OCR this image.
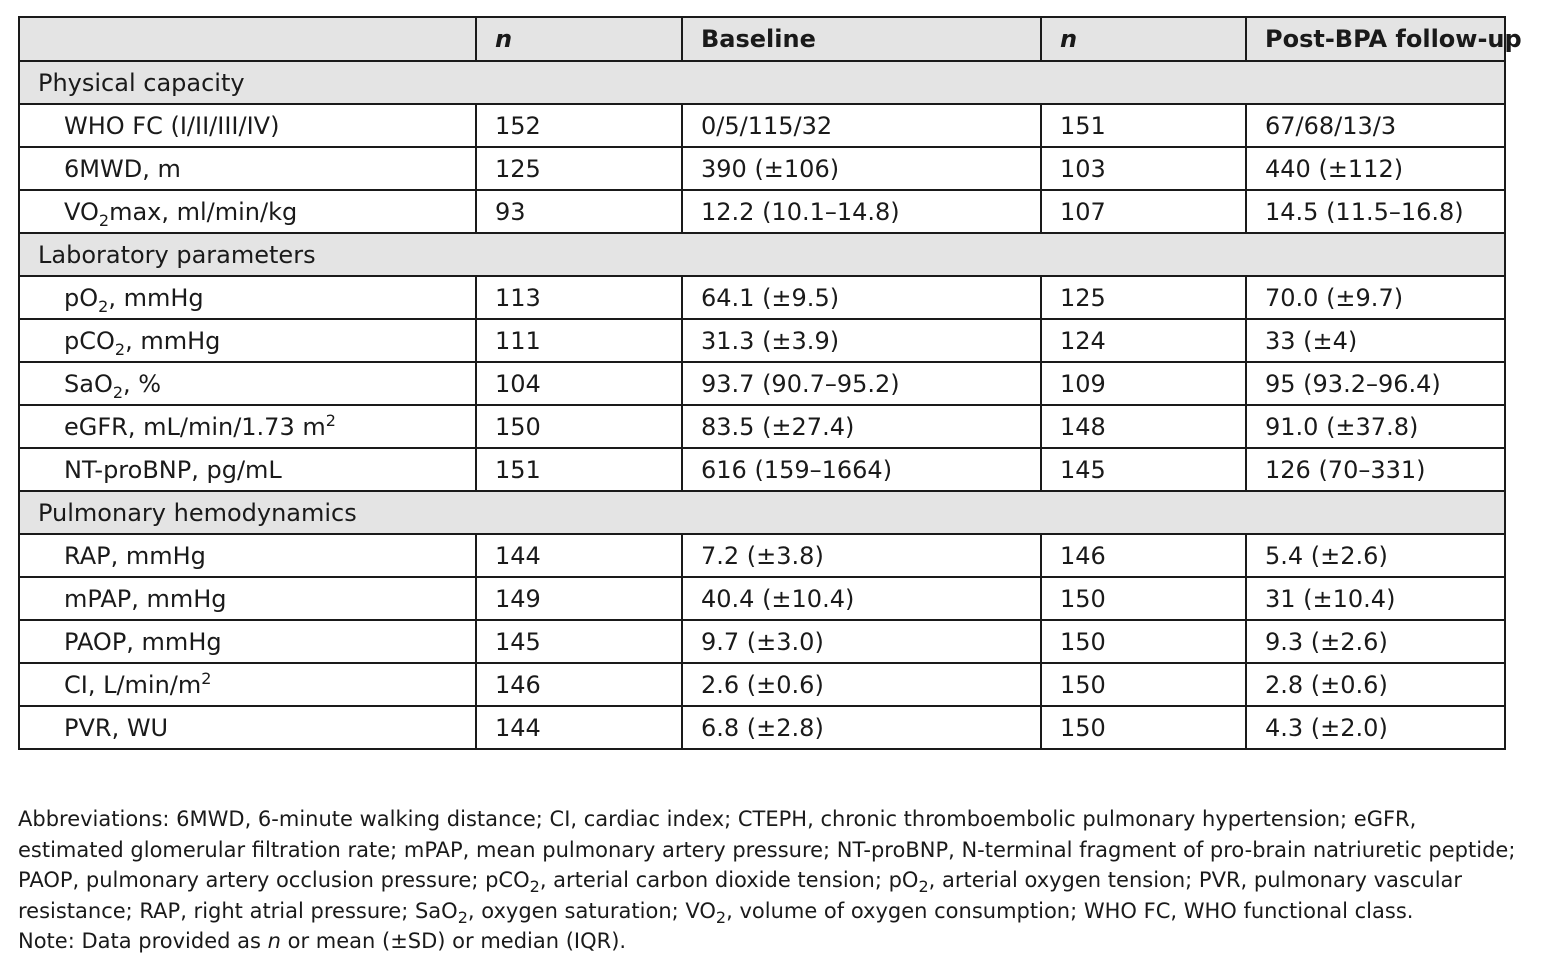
	n	Baseline	n	Post-BPA follow-up
Physical capacity				
WHO FC (I/II/III/IV)	152	0/5/115/32	151	67/68/13/3
6MWD, m	125	390 (±106)	103	440 (±112)
$VO_2\max$, ml/min/kg	93	12.2 (10.1–14.8)	107	14.5 (11.5–16.8)
Laboratory parameters				
$pO_2$, mmHg	113	64.1 (±9.5)	125	70.0 (±9.7)
pCO$_2$, mmHg	111	31.3 (±3.9)	124	33 (±4)
SaO$_2$, %	104	93.7 (90.7–95.2)	109	95 (93.2–96.4)
eGFR, mL/min/1.73 $m^2$	150	83.5 (±27.4)	148	91.0 (±37.8)
NT-proBNP, pg/mL	151	616 (159–1664)	145	126 (70–331)
Pulmonary hemodynamics				
RAP, mmHg	144	7.2 (±3.8)	146	5.4 (±2.6)
mPAP, mmHg	149	40.4 (±10.4)	150	31 (±10.4)
PAOP, mmHg	145	9.7 (±3.0)	150	9.3 (±2.6)
CI, $L/\min/m^2$	146	2.6 (±0.6)	150	2.8 (±0.6)
PVR, WU	144	6.8 (±2.8)	150	4.3 (±2.0)

Abbreviations: 6MWD, 6-minute walking distance; CI, cardiac index; CTEPH, chronic thromboembolic pulmonary hypertension; eGFR, estimated glomerular filtration rate; mPAP, mean pulmonary artery pressure; NT-proBNP, N-terminal fragment of pro-brain natriuretic peptide; PAOP, pulmonary artery occlusion pressure; pCO$_2$, arterial carbon dioxide tension; $pO_2$, arterial oxygen tension; PVR, pulmonary vascular resistance; RAP, right atrial pressure; SaO$_2$, oxygen saturation; $VO_2$, volume of oxygen consumption; WHO FC, WHO functional class.

Note: Data provided as n or mean (±SD) or median (IQR).
